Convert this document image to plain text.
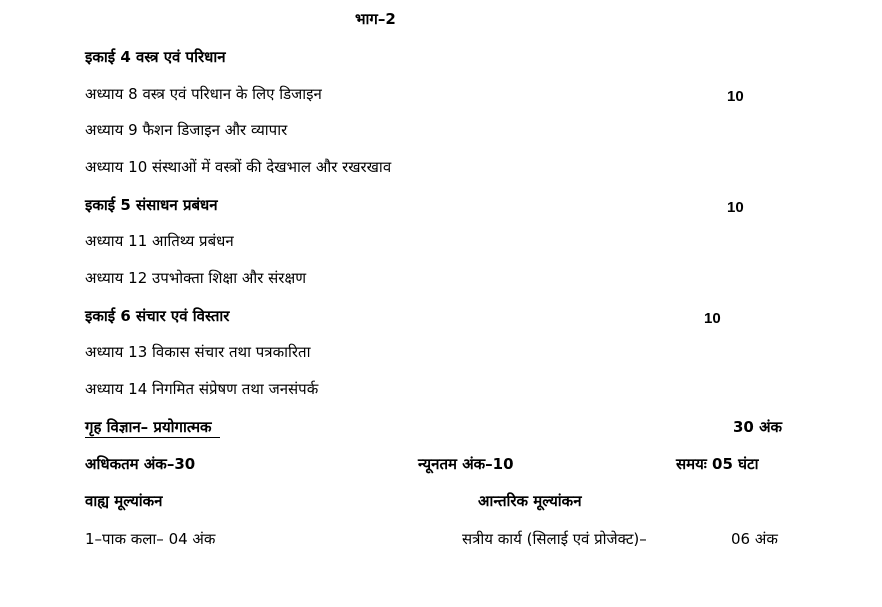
भाग–2
इकाई 4 वस्त्र एवं परिधान
अध्याय 8 वस्त्र एवं परिधान के लिए डिजाइन	10
अध्याय 9 फैशन डिजाइन और व्यापार
अध्याय 10 संस्थाओं में वस्त्रों की देखभाल और रखरखाव
इकाई 5 संसाधन प्रबंधन	10
अध्याय 11 आतिथ्य प्रबंधन
अध्याय 12 उपभोक्ता शिक्षा और संरक्षण
इकाई 6 संचार एवं विस्तार	10
अध्याय 13 विकास संचार तथा पत्रकारिता
अध्याय 14 निगमित संप्रेषण तथा जनसंपर्क
गृह विज्ञान– प्रयोगात्मक	30 अंक
अधिकतम अंक–30	न्यूनतम अंक–10	समयः 05 घंटा
वाह्य मूल्यांकन	आन्तरिक मूल्यांकन
1–पाक कला– 04 अंक	सत्रीय कार्य (सिलाई एवं प्रोजेक्ट)–	06 अंक
